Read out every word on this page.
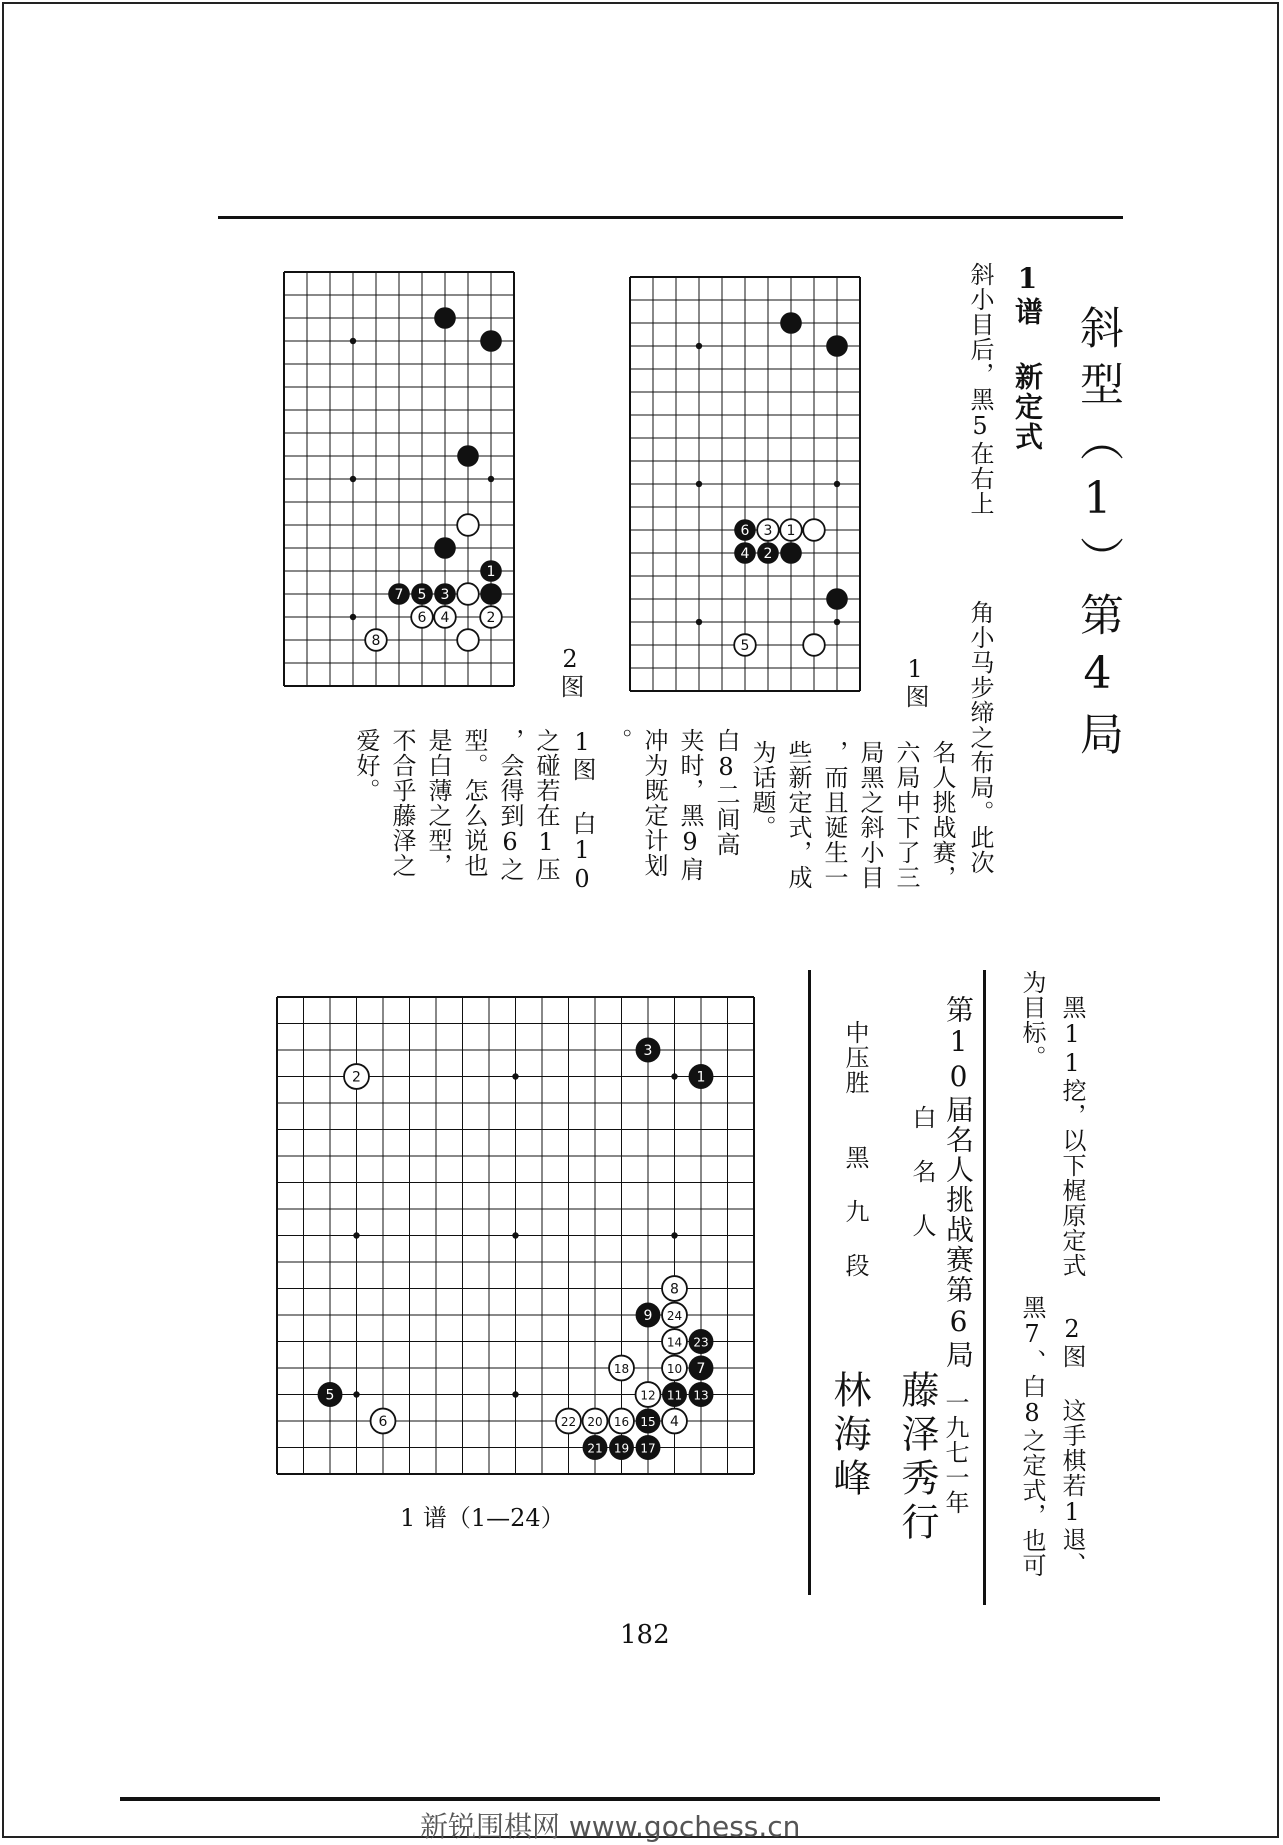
斜型（1）第4局
1谱 新定式
斜小目后，黑5在右上
角小马步缔之布局。此次
名人挑战赛，
六局中下了三
局黑之斜小目
，而且诞生一
些新定式，成
为话题。
白8二间高
夹时，黑9肩
冲为既定计划
。
1图 白10
之碰若在1压
，会得到6之
型。怎么说也
是白薄之型，
不合乎藤泽之
爱好。
黑11挖，以下梶原定式
为目标。
2图 这手棋若1退、
黑7、白8之定式，也可
第10届名人挑战赛第6局
一九七一年
白 名 人
藤泽秀行
中压胜
黑 九 段
林海峰
1
3
6
4 2
5
1
7 5 3
6 4	2
8
3
1
2
8
9 24
14 23
18	10 7
12 11 13
5
6	22 20 16 15 4
21 19 17
1图
2图
1 谱（1—24）
182
新锐围棋网 www.gochess.cn
